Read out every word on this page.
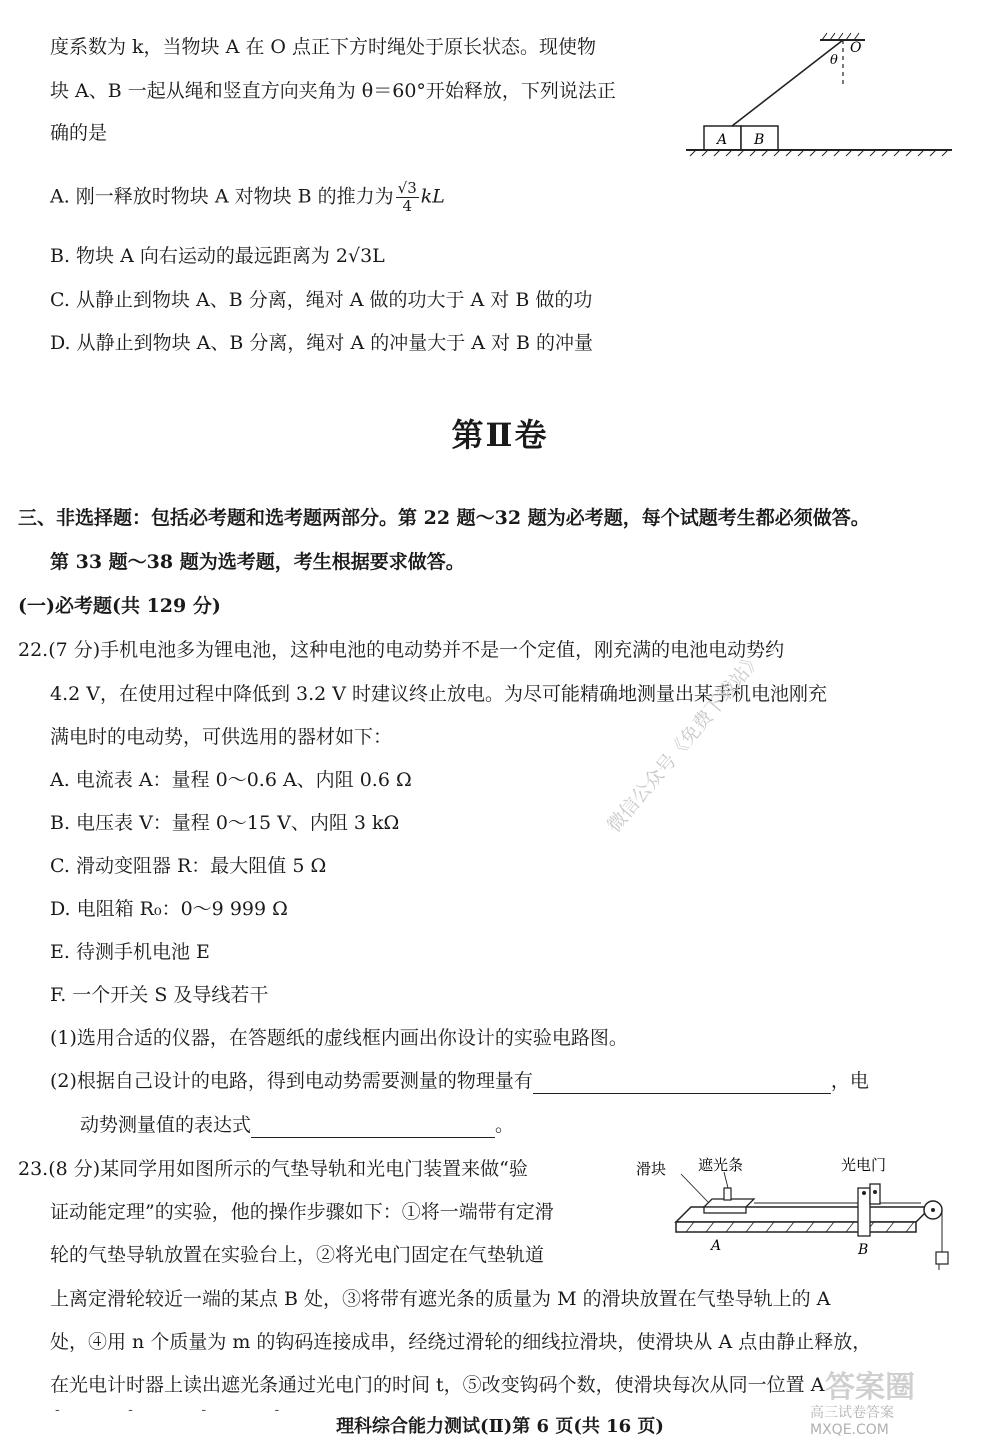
度系数为 k，当物块 A 在 O 点正下方时绳处于原长状态。现使物
块 A、B 一起从绳和竖直方向夹角为 θ＝60°开始释放，下列说法正
确的是
O
θ
A B
A. 刚一释放时物块 A 对物块 B 的推力为 $\frac{√3}{4}$ kL
B. 物块 A 向右运动的最远距离为 2√3L
C. 从静止到物块 A、B 分离，绳对 A 做的功大于 A 对 B 做的功
D. 从静止到物块 A、B 分离，绳对 A 的冲量大于 A 对 B 的冲量
第Ⅱ卷
三、非选择题：包括必考题和选考题两部分。第 22 题～32 题为必考题，每个试题考生都必须做答。
第 33 题～38 题为选考题，考生根据要求做答。
(一)必考题(共 129 分)
22.(7 分)手机电池多为锂电池，这种电池的电动势并不是一个定值，刚充满的电池电动势约
4.2 V，在使用过程中降低到 3.2 V 时建议终止放电。为尽可能精确地测量出某手机电池刚充
满电时的电动势，可供选用的器材如下：
A. 电流表 A：量程 0～0.6 A、内阻 0.6 Ω
B. 电压表 V：量程 0～15 V、内阻 3 kΩ
C. 滑动变阻器 R：最大阻值 5 Ω
D. 电阻箱 R₀：0～9 999 Ω
E. 待测手机电池 E
F. 一个开关 S 及导线若干
(1)选用合适的仪器，在答题纸的虚线框内画出你设计的实验电路图。
(2)根据自己设计的电路，得到电动势需要测量的物理量有	，电
动势测量值的表达式	。
23.(8 分)某同学用如图所示的气垫导轨和光电门装置来做“验
证动能定理”的实验，他的操作步骤如下：①将一端带有定滑
轮的气垫导轨放置在实验台上，②将光电门固定在气垫轨道
上离定滑轮较近一端的某点 B 处，③将带有遮光条的质量为 M 的滑块放置在气垫导轨上的 A
处，④用 n 个质量为 m 的钩码连接成串，经绕过滑轮的细线拉滑块，使滑块从 A 点由静止释放，
在光电计时器上读出遮光条通过光电门的时间 t，⑤改变钩码个数，使滑块每次从同一位置 A
滑块 遮光条	光电门
A	B
微信公众号《免费下载站》
答案圈
高三试卷答案 MXQE.COM
- - - -
理科综合能力测试(Ⅱ)第 6 页(共 16 页)
